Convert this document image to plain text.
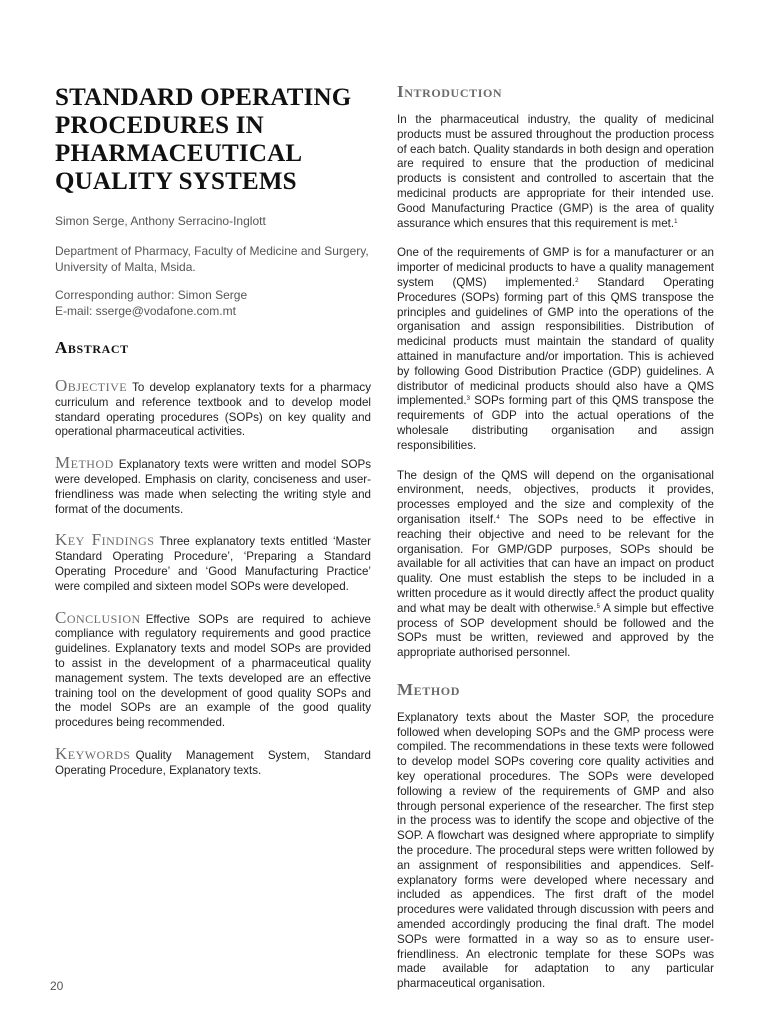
STANDARD OPERATING PROCEDURES IN PHARMACEUTICAL QUALITY SYSTEMS

Simon Serge, Anthony Serracino-Inglott

Department of Pharmacy, Faculty of Medicine and Surgery, University of Malta, Msida.

Corresponding author: Simon Serge

E-mail: sserge@vodafone.com.mt

Abstract

Objective To develop explanatory texts for a pharmacy curriculum and reference textbook and to develop model standard operating procedures (SOPs) on key quality and operational pharmaceutical activities.

Method Explanatory texts were written and model SOPs were developed. Emphasis on clarity, conciseness and user-friendliness was made when selecting the writing style and format of the documents.

Key Findings Three explanatory texts entitled ‘Master Standard Operating Procedure’, ‘Preparing a Standard Operating Procedure’ and ‘Good Manufacturing Practice’ were compiled and sixteen model SOPs were developed.

Conclusion Effective SOPs are required to achieve compliance with regulatory requirements and good practice guidelines. Explanatory texts and model SOPs are provided to assist in the development of a pharmaceutical quality management system. The texts developed are an effective training tool on the development of good quality SOPs and the model SOPs are an example of the good quality procedures being recommended.

Keywords Quality Management System, Standard Operating Procedure, Explanatory texts.

Introduction

In the pharmaceutical industry, the quality of medicinal products must be assured throughout the production process of each batch. Quality standards in both design and operation are required to ensure that the production of medicinal products is consistent and controlled to ascertain that the medicinal products are appropriate for their intended use. Good Manufacturing Practice (GMP) is the area of quality assurance which ensures that this requirement is met.$^1$

One of the requirements of GMP is for a manufacturer or an importer of medicinal products to have a quality management system (QMS) implemented.$^2$ Standard Operating Procedures (SOPs) forming part of this QMS transpose the principles and guidelines of GMP into the operations of the organisation and assign responsibilities. Distribution of medicinal products must maintain the standard of quality attained in manufacture and/or importation. This is achieved by following Good Distribution Practice (GDP) guidelines. A distributor of medicinal products should also have a QMS implemented.$^3$ SOPs forming part of this QMS transpose the requirements of GDP into the actual operations of the wholesale distributing organisation and assign responsibilities.

The design of the QMS will depend on the organisational environment, needs, objectives, products it provides, processes employed and the size and complexity of the organisation itself.$^4$ The SOPs need to be effective in reaching their objective and need to be relevant for the organisation. For GMP/GDP purposes, SOPs should be available for all activities that can have an impact on product quality. One must establish the steps to be included in a written procedure as it would directly affect the product quality and what may be dealt with otherwise.$^5$ A simple but effective process of SOP development should be followed and the SOPs must be written, reviewed and approved by the appropriate authorised personnel.

Method

Explanatory texts about the Master SOP, the procedure followed when developing SOPs and the GMP process were compiled. The recommendations in these texts were followed to develop model SOPs covering core quality activities and key operational procedures. The SOPs were developed following a review of the requirements of GMP and also through personal experience of the researcher. The first step in the process was to identify the scope and objective of the SOP. A flowchart was designed where appropriate to simplify the procedure. The procedural steps were written followed by an assignment of responsibilities and appendices. Self-explanatory forms were developed where necessary and included as appendices. The first draft of the model procedures were validated through discussion with peers and amended accordingly producing the final draft. The model SOPs were formatted in a way so as to ensure user-friendliness. An electronic template for these SOPs was made available for adaptation to any particular pharmaceutical organisation.

20
